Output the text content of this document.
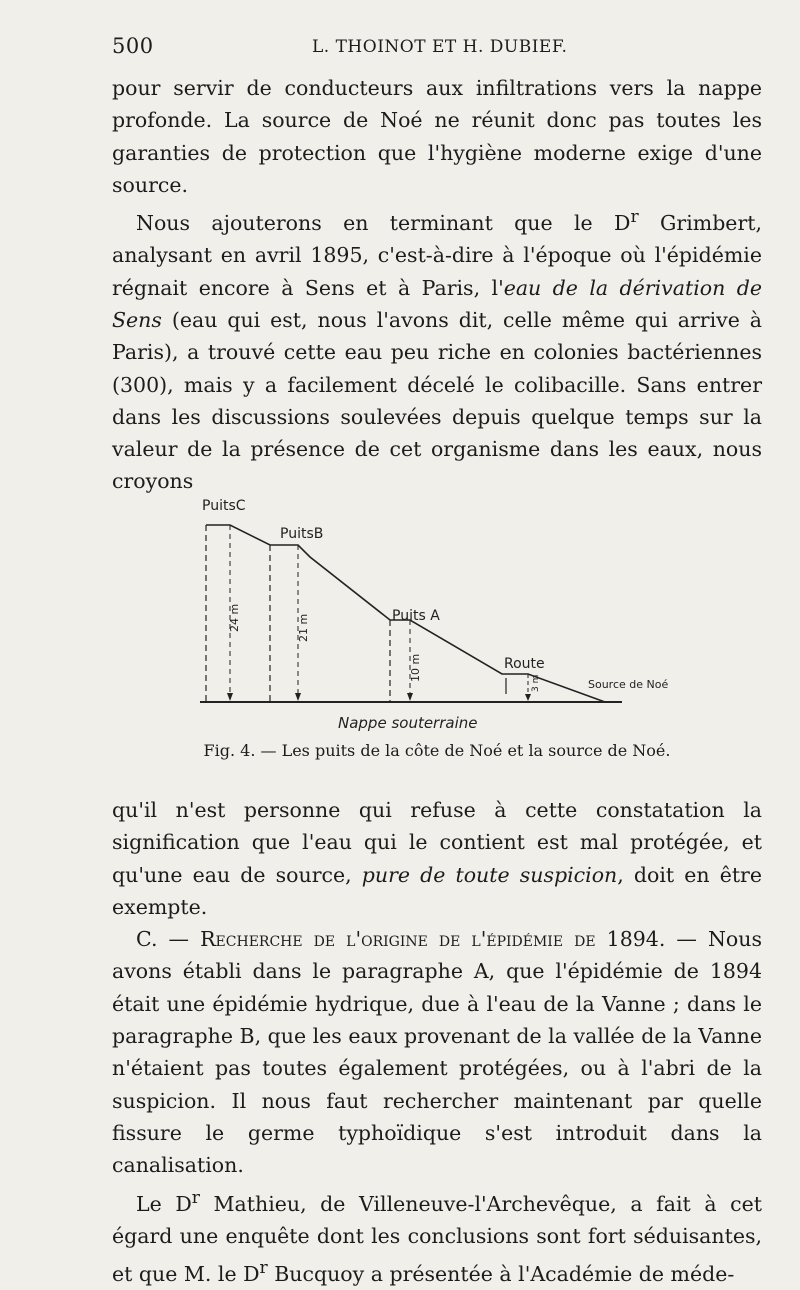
500	L. THOINOT ET H. DUBIEF.

pour servir de conducteurs aux infiltrations vers la nappe profonde. La source de Noé ne réunit donc pas toutes les garanties de protection que l'hygiène moderne exige d'une source.

Nous ajouterons en terminant que le $D^r$ Grimbert, analysant en avril 1895, c'est-à-dire à l'époque où l'épidémie régnait encore à Sens et à Paris, l'eau de la dérivation de Sens (eau qui est, nous l'avons dit, celle même qui arrive à Paris), a trouvé cette eau peu riche en colonies bactériennes (300), mais y a facilement décelé le colibacille. Sans entrer dans les discussions soulevées depuis quelque temps sur la valeur de la présence de cet organisme dans les eaux, nous croyons

PuitsC
PuitsB
Puits A
Route
Source de Noé
Nappe souterraine
24 m	21 m
10 m
3 m
Fig. 4. — Les puits de la côte de Noé et la source de Noé.

qu'il n'est personne qui refuse à cette constatation la signification que l'eau qui le contient est mal protégée, et qu'une eau de source, pure de toute suspicion, doit en être exempte.

C. — Recherche de l'origine de l'épidémie de 1894. — Nous avons établi dans le paragraphe A, que l'épidémie de 1894 était une épidémie hydrique, due à l'eau de la Vanne ; dans le paragraphe B, que les eaux provenant de la vallée de la Vanne n'étaient pas toutes également protégées, ou à l'abri de la suspicion. Il nous faut rechercher maintenant par quelle fissure le germe typhoïdique s'est introduit dans la canalisation.

Le $D^r$ Mathieu, de Villeneuve-l'Archevêque, a fait à cet égard une enquête dont les conclusions sont fort séduisantes, et que M. le $D^r$ Bucquoy a présentée à l'Académie de méde-
